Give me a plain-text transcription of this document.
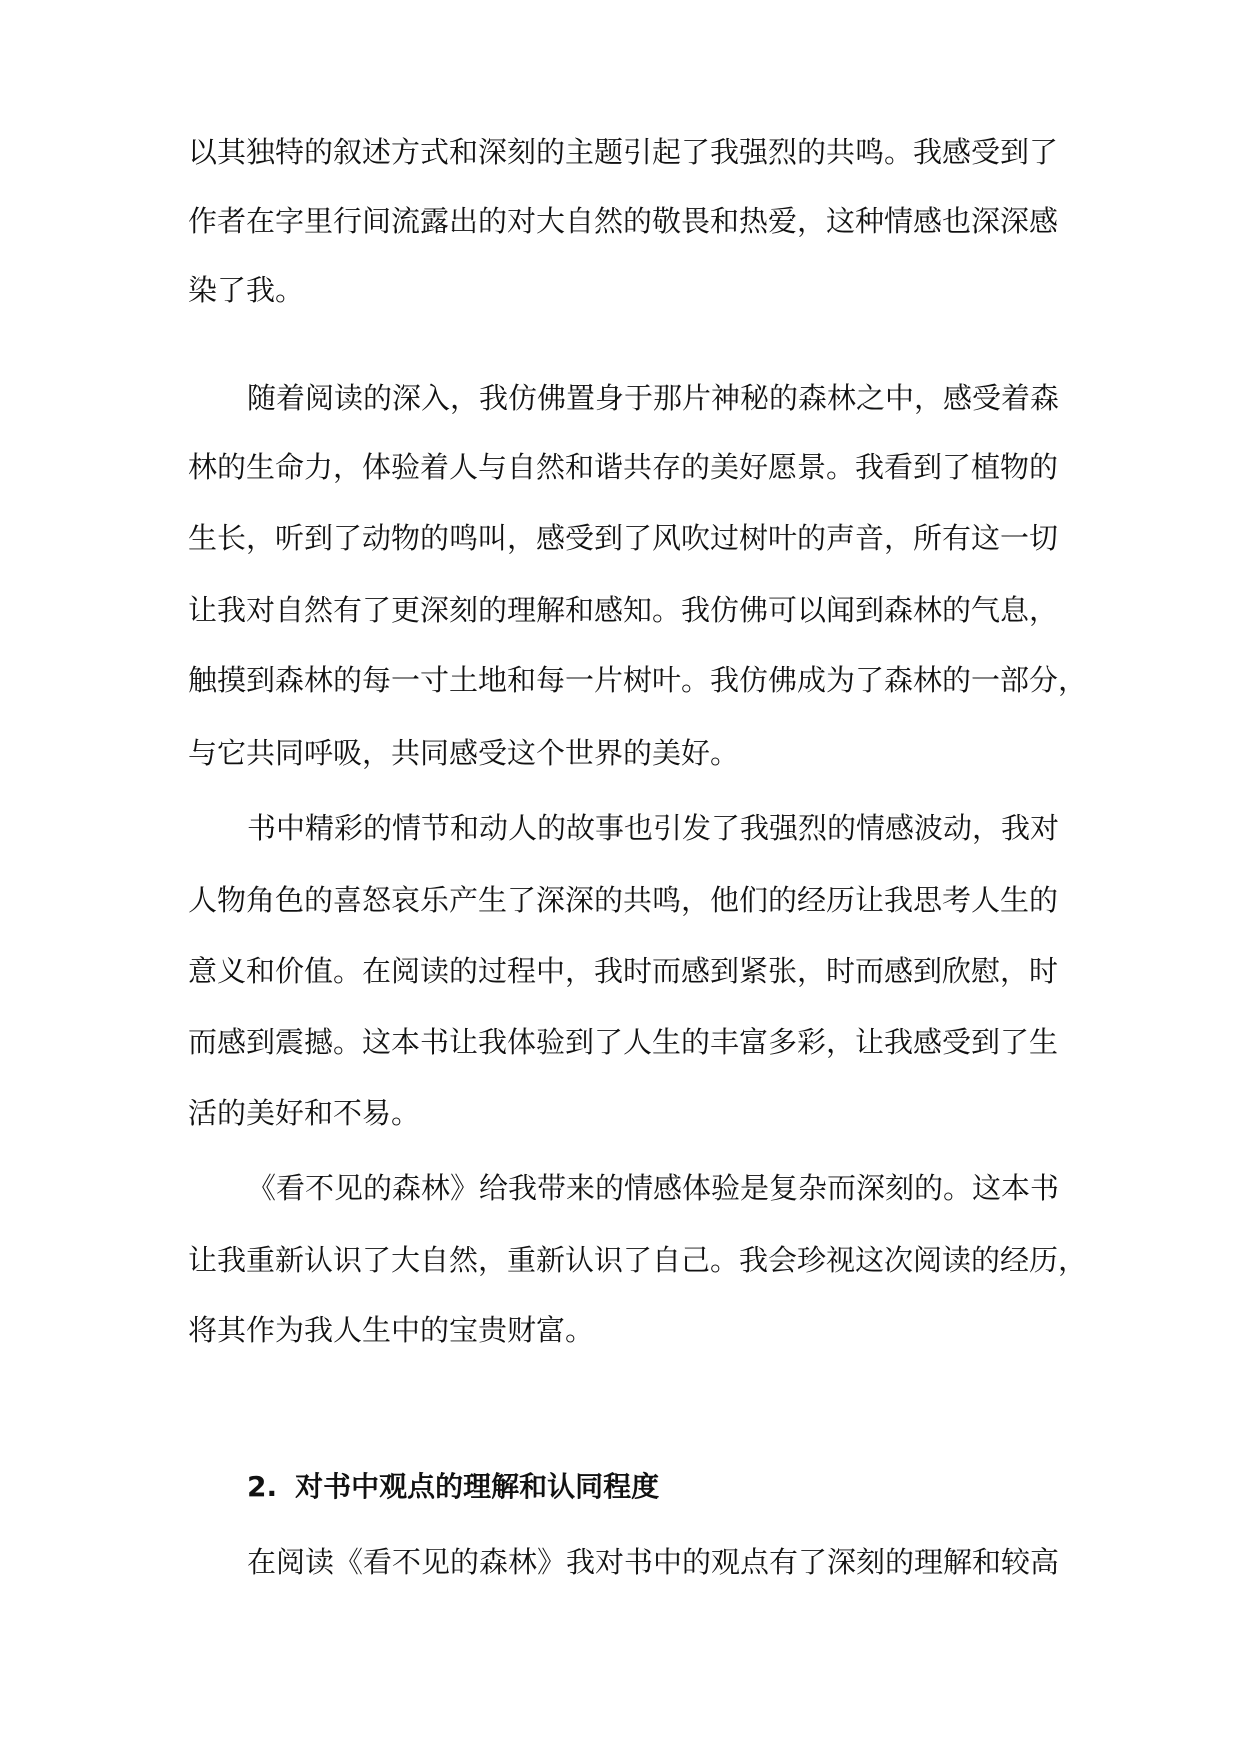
以其独特的叙述方式和深刻的主题引起了我强烈的共鸣。我感受到了
作者在字里行间流露出的对大自然的敬畏和热爱，这种情感也深深感
染了我。
随着阅读的深入，我仿佛置身于那片神秘的森林之中，感受着森
林的生命力，体验着人与自然和谐共存的美好愿景。我看到了植物的
生长，听到了动物的鸣叫，感受到了风吹过树叶的声音，所有这一切
让我对自然有了更深刻的理解和感知。我仿佛可以闻到森林的气息，
触摸到森林的每一寸土地和每一片树叶。我仿佛成为了森林的一部分，
与它共同呼吸，共同感受这个世界的美好。
书中精彩的情节和动人的故事也引发了我强烈的情感波动，我对
人物角色的喜怒哀乐产生了深深的共鸣，他们的经历让我思考人生的
意义和价值。在阅读的过程中，我时而感到紧张，时而感到欣慰，时
而感到震撼。这本书让我体验到了人生的丰富多彩，让我感受到了生
活的美好和不易。
《看不见的森林》给我带来的情感体验是复杂而深刻的。这本书
让我重新认识了大自然，重新认识了自己。我会珍视这次阅读的经历，
将其作为我人生中的宝贵财富。
2. 对书中观点的理解和认同程度
在阅读《看不见的森林》我对书中的观点有了深刻的理解和较高
